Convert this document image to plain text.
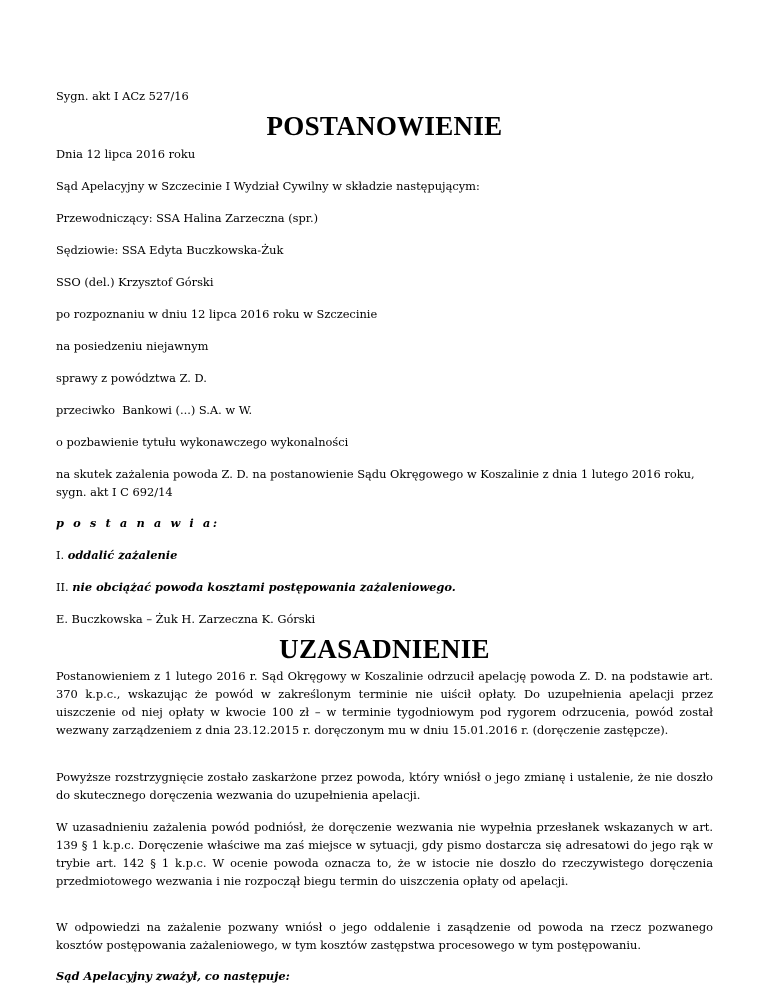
Sygn. akt I ACz 527/16

POSTANOWIENIE

Dnia 12 lipca 2016 roku

Sąd Apelacyjny w Szczecinie I Wydział Cywilny w składzie następującym:

Przewodniczący: SSA Halina Zarzeczna (spr.)

Sędziowie: SSA Edyta Buczkowska-Żuk

SSO (del.) Krzysztof Górski

po rozpoznaniu w dniu 12 lipca 2016 roku w Szczecinie

na posiedzeniu niejawnym

sprawy z powództwa Z. D.

przeciwko  Bankowi (...) S.A. w W.

o pozbawienie tytułu wykonawczego wykonalności

na skutek zażalenia powoda Z. D. na postanowienie Sądu Okręgowego w Koszalinie z dnia 1 lutego 2016 roku, sygn. akt I C 692/14

p o s t a n a w i a:

I. oddalić zażalenie

II. nie obciążać powoda kosztami postępowania zażaleniowego.

E. Buczkowska – Żuk H. Zarzeczna K. Górski

UZASADNIENIE

Postanowieniem z 1 lutego 2016 r. Sąd Okręgowy w Koszalinie odrzucił apelację powoda Z. D. na podstawie art. 370 k.p.c., wskazując że powód w zakreślonym terminie nie uiścił opłaty. Do uzupełnienia apelacji przez uiszczenie od niej opłaty w kwocie 100 zł – w terminie tygodniowym pod rygorem odrzucenia, powód został wezwany zarządzeniem z dnia 23.12.2015 r. doręczonym mu w dniu 15.01.2016 r. (doręczenie zastępcze).

Powyższe rozstrzygnięcie zostało zaskarżone przez powoda, który wniósł o jego zmianę i ustalenie, że nie doszło do skutecznego doręczenia wezwania do uzupełnienia apelacji.

W uzasadnieniu zażalenia powód podniósł, że doręczenie wezwania nie wypełnia przesłanek wskazanych w art. 139 § 1 k.p.c. Doręczenie właściwe ma zaś miejsce w sytuacji, gdy pismo dostarcza się adresatowi do jego rąk w trybie art. 142 § 1 k.p.c. W ocenie powoda oznacza to, że w istocie nie doszło do rzeczywistego doręczenia przedmiotowego wezwania i nie rozpoczął biegu termin do uiszczenia opłaty od apelacji.

W odpowiedzi na zażalenie pozwany wniósł o jego oddalenie i zasądzenie od powoda na rzecz pozwanego kosztów postępowania zażaleniowego, w tym kosztów zastępstwa procesowego w tym postępowaniu.

Sąd Apelacyjny zważył, co następuje:
